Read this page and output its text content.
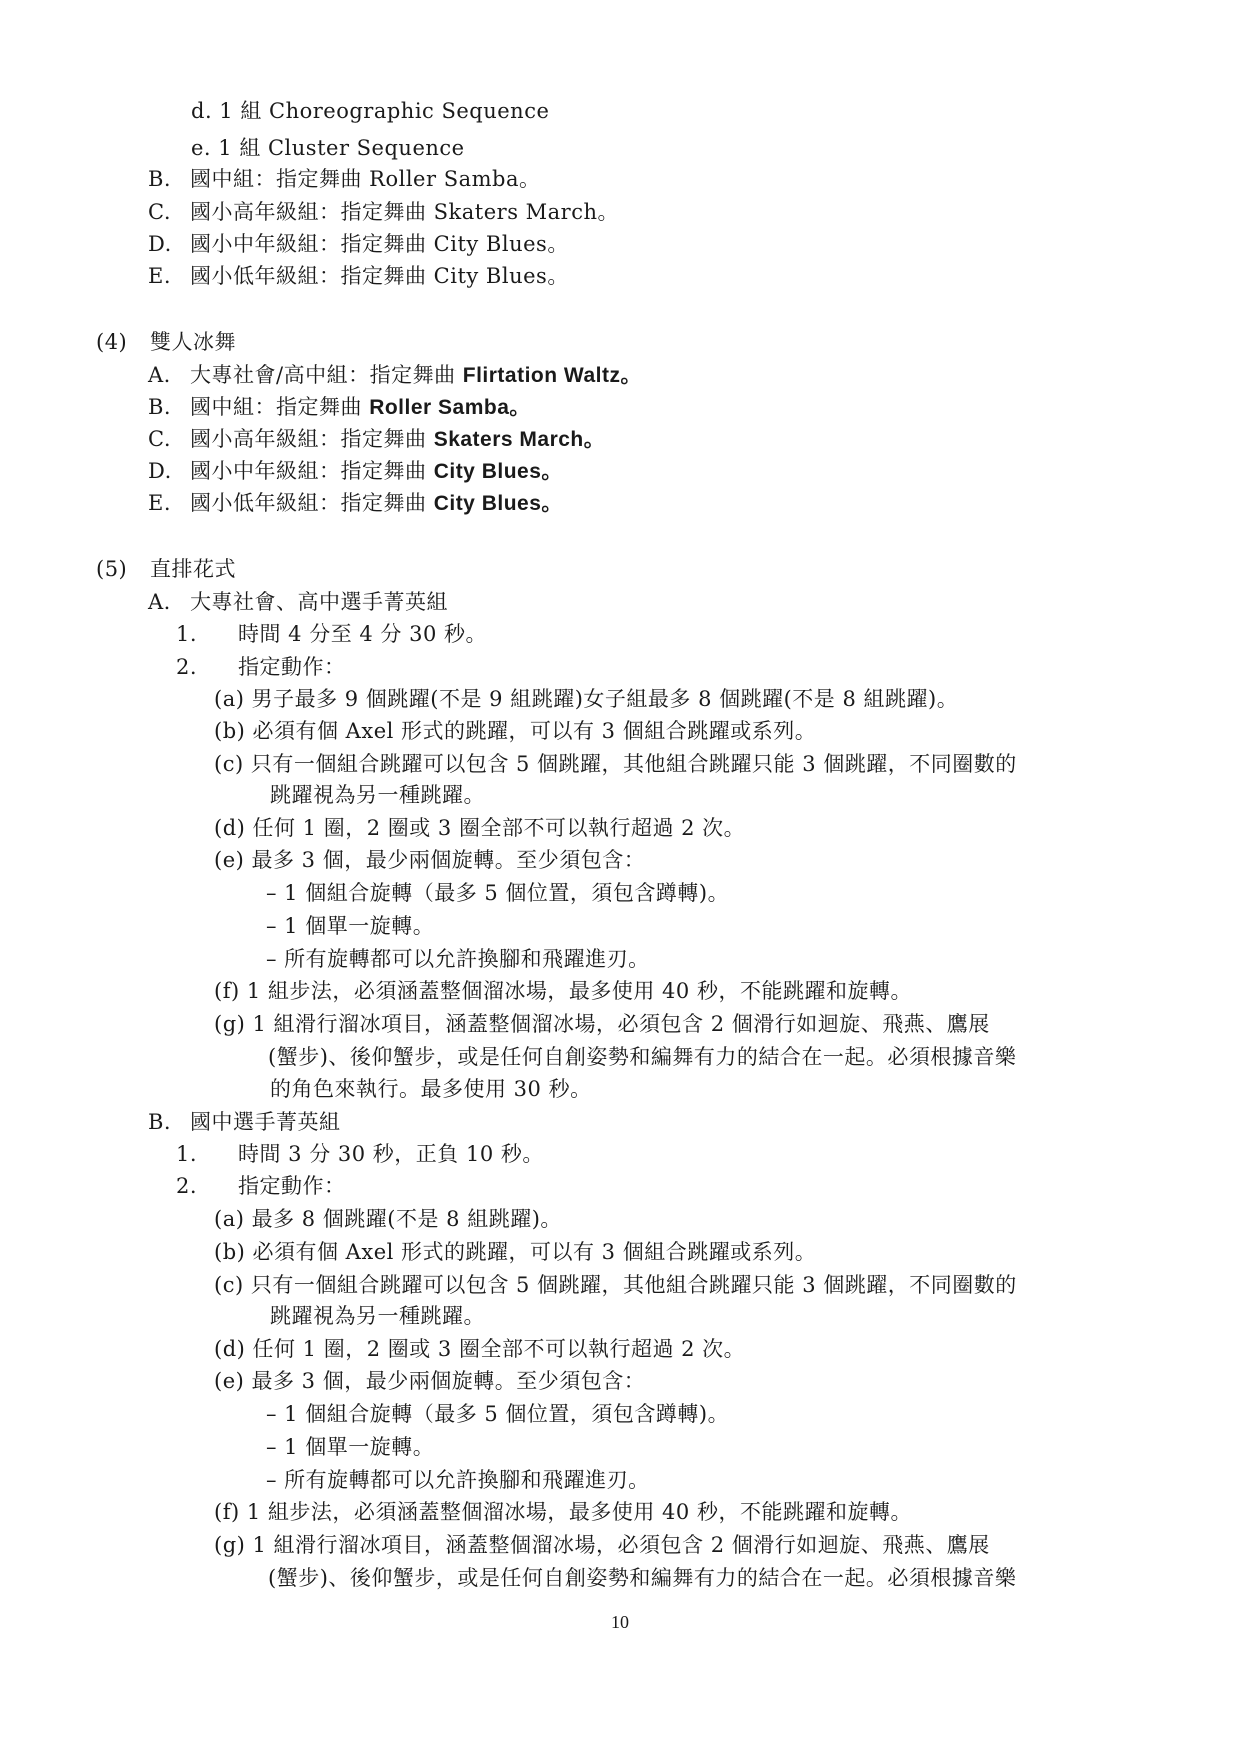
d. 1 組 Choreographic Sequence
e. 1 組 Cluster Sequence
B. 國中組：指定舞曲 Roller Samba。
C. 國小高年級組：指定舞曲 Skaters March。
D. 國小中年級組：指定舞曲 City Blues。
E. 國小低年級組：指定舞曲 City Blues。
(4) 雙人冰舞
A. 大專社會/高中組：指定舞曲 Flirtation Waltz。
B. 國中組：指定舞曲 Roller Samba。
C. 國小高年級組：指定舞曲 Skaters March。
D. 國小中年級組：指定舞曲 City Blues。
E. 國小低年級組：指定舞曲 City Blues。
(5) 直排花式
A. 大專社會、高中選手菁英組
1. 時間 4 分至 4 分 30 秒。
2. 指定動作：
(a) 男子最多 9 個跳躍(不是 9 組跳躍)女子組最多 8 個跳躍(不是 8 組跳躍)。
(b) 必須有個 Axel 形式的跳躍，可以有 3 個組合跳躍或系列。
(c) 只有一個組合跳躍可以包含 5 個跳躍，其他組合跳躍只能 3 個跳躍，不同圈數的
跳躍視為另一種跳躍。
(d) 任何 1 圈，2 圈或 3 圈全部不可以執行超過 2 次。
(e) 最多 3 個，最少兩個旋轉。至少須包含：
– 1 個組合旋轉（最多 5 個位置，須包含蹲轉)。
– 1 個單一旋轉。
– 所有旋轉都可以允許換腳和飛躍進刃。
(f) 1 組步法，必須涵蓋整個溜冰場，最多使用 40 秒，不能跳躍和旋轉。
(g) 1 組滑行溜冰項目，涵蓋整個溜冰場，必須包含 2 個滑行如迴旋、飛燕、鷹展
(蟹步)、後仰蟹步，或是任何自創姿勢和編舞有力的結合在一起。必須根據音樂
的角色來執行。最多使用 30 秒。
B. 國中選手菁英組
1. 時間 3 分 30 秒，正負 10 秒。
2. 指定動作：
(a) 最多 8 個跳躍(不是 8 組跳躍)。
(b) 必須有個 Axel 形式的跳躍，可以有 3 個組合跳躍或系列。
(c) 只有一個組合跳躍可以包含 5 個跳躍，其他組合跳躍只能 3 個跳躍，不同圈數的
跳躍視為另一種跳躍。
(d) 任何 1 圈，2 圈或 3 圈全部不可以執行超過 2 次。
(e) 最多 3 個，最少兩個旋轉。至少須包含：
– 1 個組合旋轉（最多 5 個位置，須包含蹲轉)。
– 1 個單一旋轉。
– 所有旋轉都可以允許換腳和飛躍進刃。
(f) 1 組步法，必須涵蓋整個溜冰場，最多使用 40 秒，不能跳躍和旋轉。
(g) 1 組滑行溜冰項目，涵蓋整個溜冰場，必須包含 2 個滑行如迴旋、飛燕、鷹展
(蟹步)、後仰蟹步，或是任何自創姿勢和編舞有力的結合在一起。必須根據音樂
10
